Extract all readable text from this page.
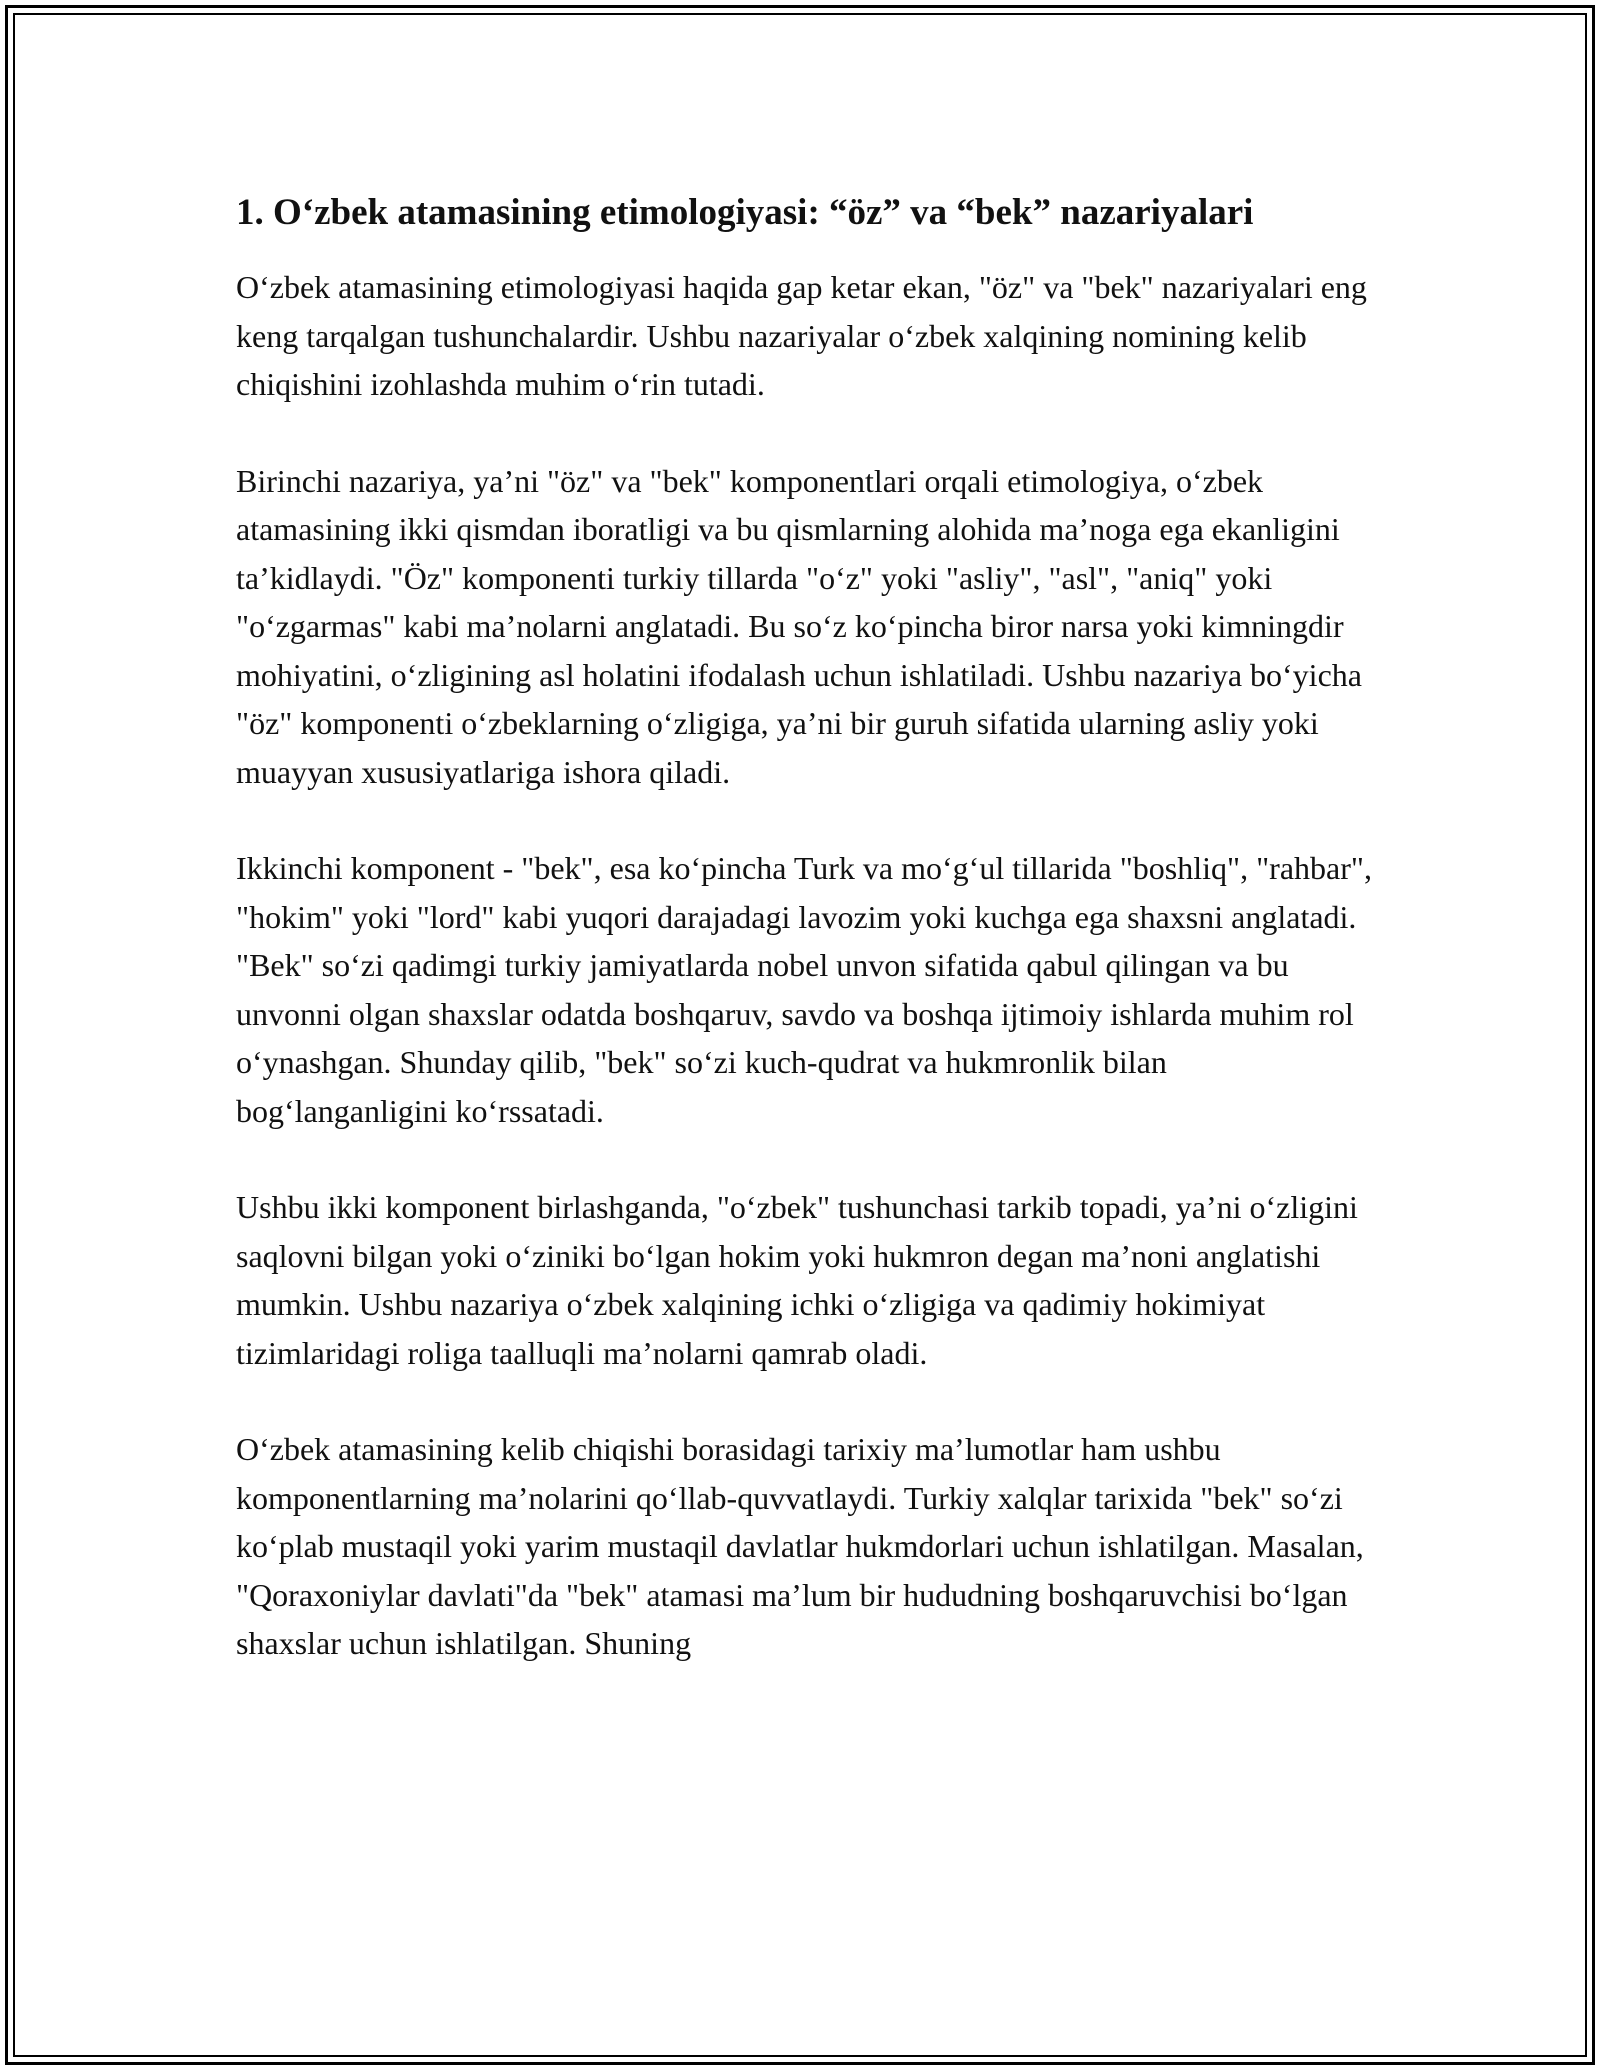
1. O‘zbek atamasining etimologiyasi: “öz” va “bek” nazariyalari

O‘zbek atamasining etimologiyasi haqida gap ketar ekan, "öz" va "bek" nazariyalari eng keng tarqalgan tushunchalardir. Ushbu nazariyalar o‘zbek xalqining nomining kelib chiqishini izohlashda muhim o‘rin tutadi.

Birinchi nazariya, ya’ni "öz" va "bek" komponentlari orqali etimologiya, o‘zbek atamasining ikki qismdan iboratligi va bu qismlarning alohida ma’noga ega ekanligini ta’kidlaydi. "Öz" komponenti turkiy tillarda "o‘z" yoki "asliy", "asl", "aniq" yoki "o‘zgarmas" kabi ma’nolarni anglatadi. Bu so‘z ko‘pincha biror narsa yoki kimningdir mohiyatini, o‘zligining asl holatini ifodalash uchun ishlatiladi. Ushbu nazariya bo‘yicha "öz" komponenti o‘zbeklarning o‘zligiga, ya’ni bir guruh sifatida ularning asliy yoki muayyan xususiyatlariga ishora qiladi.

Ikkinchi komponent - "bek", esa ko‘pincha Turk va mo‘g‘ul tillarida "boshliq", "rahbar", "hokim" yoki "lord" kabi yuqori darajadagi lavozim yoki kuchga ega shaxsni anglatadi. "Bek" so‘zi qadimgi turkiy jamiyatlarda nobel unvon sifatida qabul qilingan va bu unvonni olgan shaxslar odatda boshqaruv, savdo va boshqa ijtimoiy ishlarda muhim rol o‘ynashgan. Shunday qilib, "bek" so‘zi kuch-qudrat va hukmronlik bilan bog‘langanligini ko‘rssatadi.

Ushbu ikki komponent birlashganda, "o‘zbek" tushunchasi tarkib topadi, ya’ni o‘zligini saqlovni bilgan yoki o‘ziniki bo‘lgan hokim yoki hukmron degan ma’noni anglatishi mumkin. Ushbu nazariya o‘zbek xalqining ichki o‘zligiga va qadimiy hokimiyat tizimlaridagi roliga taalluqli ma’nolarni qamrab oladi.

O‘zbek atamasining kelib chiqishi borasidagi tarixiy ma’lumotlar ham ushbu komponentlarning ma’nolarini qo‘llab-quvvatlaydi. Turkiy xalqlar tarixida "bek" so‘zi ko‘plab mustaqil yoki yarim mustaqil davlatlar hukmdorlari uchun ishlatilgan. Masalan, "Qoraxoniylar davlati"da "bek" atamasi ma’lum bir hududning boshqaruvchisi bo‘lgan shaxslar uchun ishlatilgan. Shuning
